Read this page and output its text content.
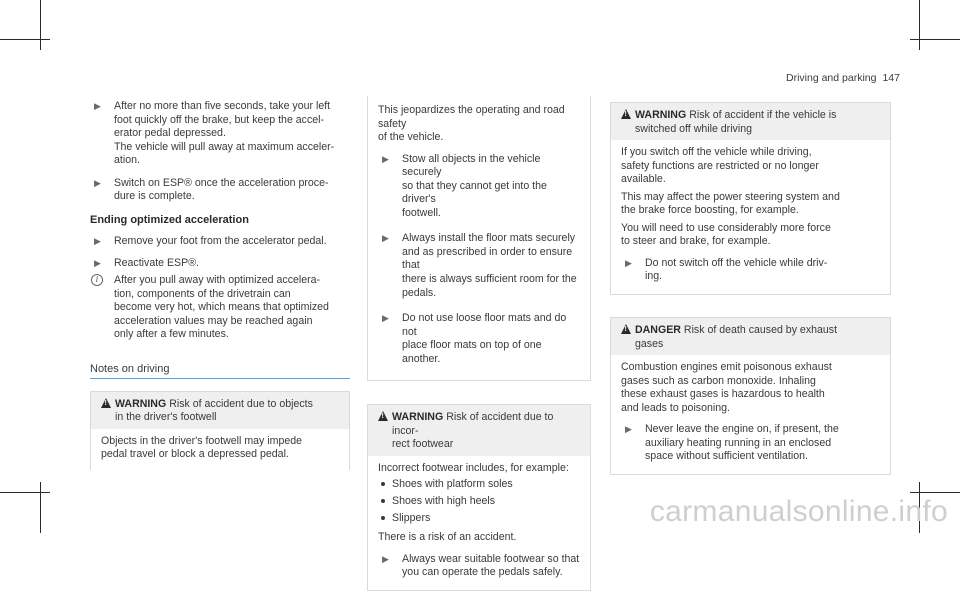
Driving and parking 147
▶ After no more than five seconds, take your left
foot quickly off the brake, but keep the accel-
erator pedal depressed.
The vehicle will pull away at maximum acceler-
ation.
▶ Switch on ESP® once the acceleration proce-
dure is complete.
Ending optimized acceleration
▶ Remove your foot from the accelerator pedal.
▶ Reactivate ESP®.
i	After you pull away with optimized accelera-
tion, components of the drivetrain can
become very hot, which means that optimized
acceleration values may be reached again
only after a few minutes.
Notes on driving
!
WARNING Risk of accident due to objects
in the driver's footwell
Objects in the driver's footwell may impede
pedal travel or block a depressed pedal.

This jeopardizes the operating and road safety
of the vehicle.

▶ Stow all objects in the vehicle securely
so that they cannot get into the driver's
footwell.
▶ Always install the floor mats securely
and as prescribed in order to ensure that
there is always sufficient room for the
pedals.
▶ Do not use loose floor mats and do not
place floor mats on top of one another.
!
WARNING Risk of accident due to incor-
rect footwear
Incorrect footwear includes, for example:
Shoes with platform soles
Shoes with high heels
Slippers
There is a risk of an accident.
▶ Always wear suitable footwear so that
you can operate the pedals safely.
!
WARNING Risk of accident if the vehicle is
switched off while driving

If you switch off the vehicle while driving,
safety functions are restricted or no longer
available.

This may affect the power steering system and
the brake force boosting, for example.

You will need to use considerably more force
to steer and brake, for example.

▶ Do not switch off the vehicle while driv-
ing.
!
DANGER Risk of death caused by exhaust
gases

Combustion engines emit poisonous exhaust
gases such as carbon monoxide. Inhaling
these exhaust gases is hazardous to health
and leads to poisoning.

▶ Never leave the engine on, if present, the
auxiliary heating running in an enclosed
space without sufficient ventilation.
carmanualsonline.info
